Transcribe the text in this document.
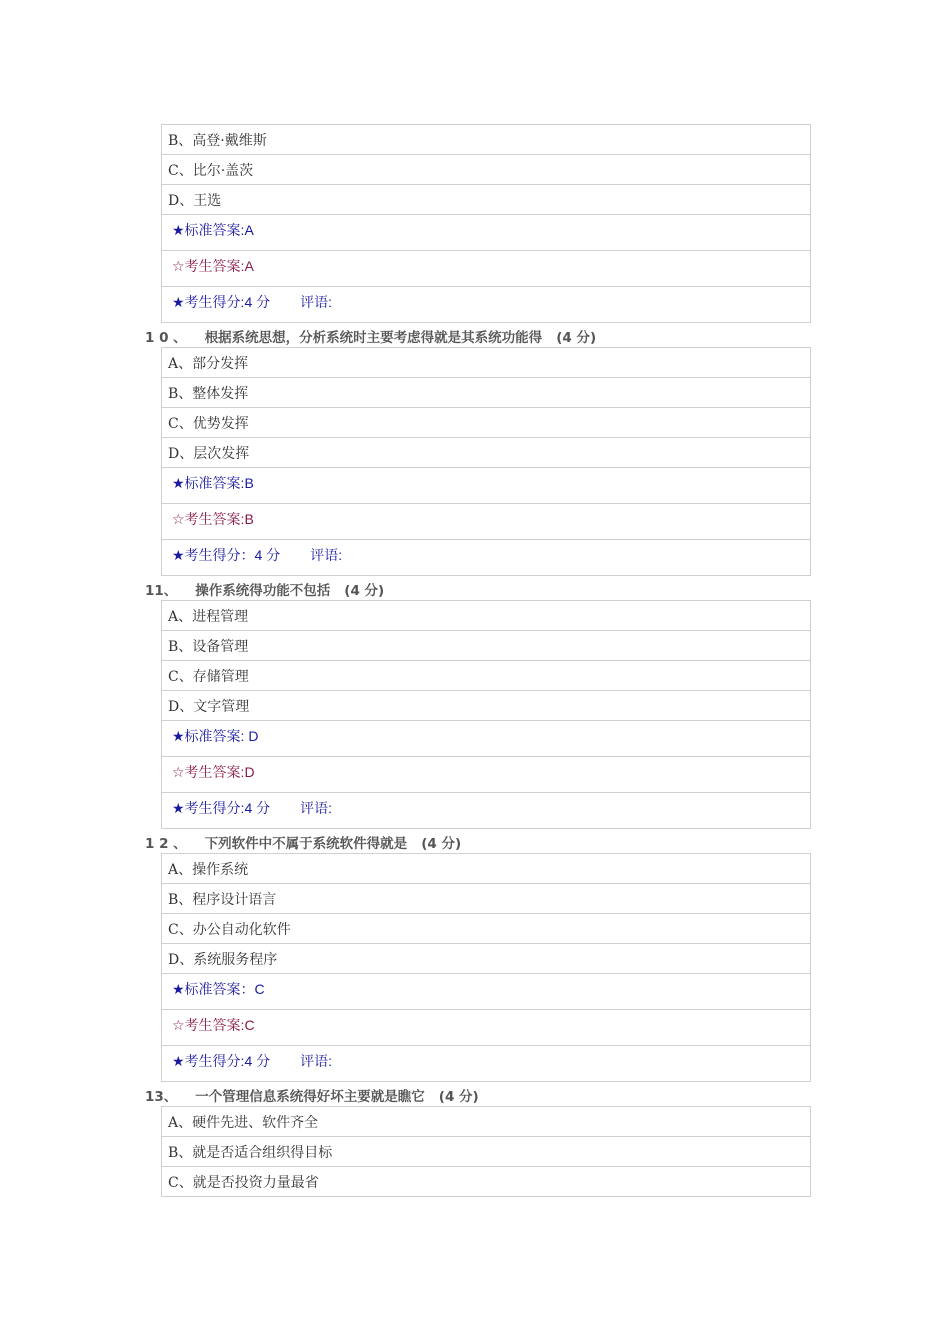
B、高登·戴维斯
C、比尔·盖茨
D、王选
★标准答案:A
☆考生答案:A
★考生得分:4 分 评语:
1 0 、 根据系统思想，分析系统时主要考虑得就是其系统功能得 (4 分)
A、部分发挥
B、整体发挥
C、优势发挥
D、层次发挥
★标准答案:B
☆考生答案:B
★考生得分：4 分 评语:
11、 操作系统得功能不包括 (4 分)
A、进程管理
B、设备管理
C、存储管理
D、文字管理
★标准答案: D
☆考生答案:D
★考生得分:4 分 评语:
1 2 、 下列软件中不属于系统软件得就是 (4 分)
A、操作系统
B、程序设计语言
C、办公自动化软件
D、系统服务程序
★标准答案：C
☆考生答案:C
★考生得分:4 分 评语:
13、 一个管理信息系统得好坏主要就是瞧它 (4 分)
A、硬件先进、软件齐全
B、就是否适合组织得目标
C、就是否投资力量最省
